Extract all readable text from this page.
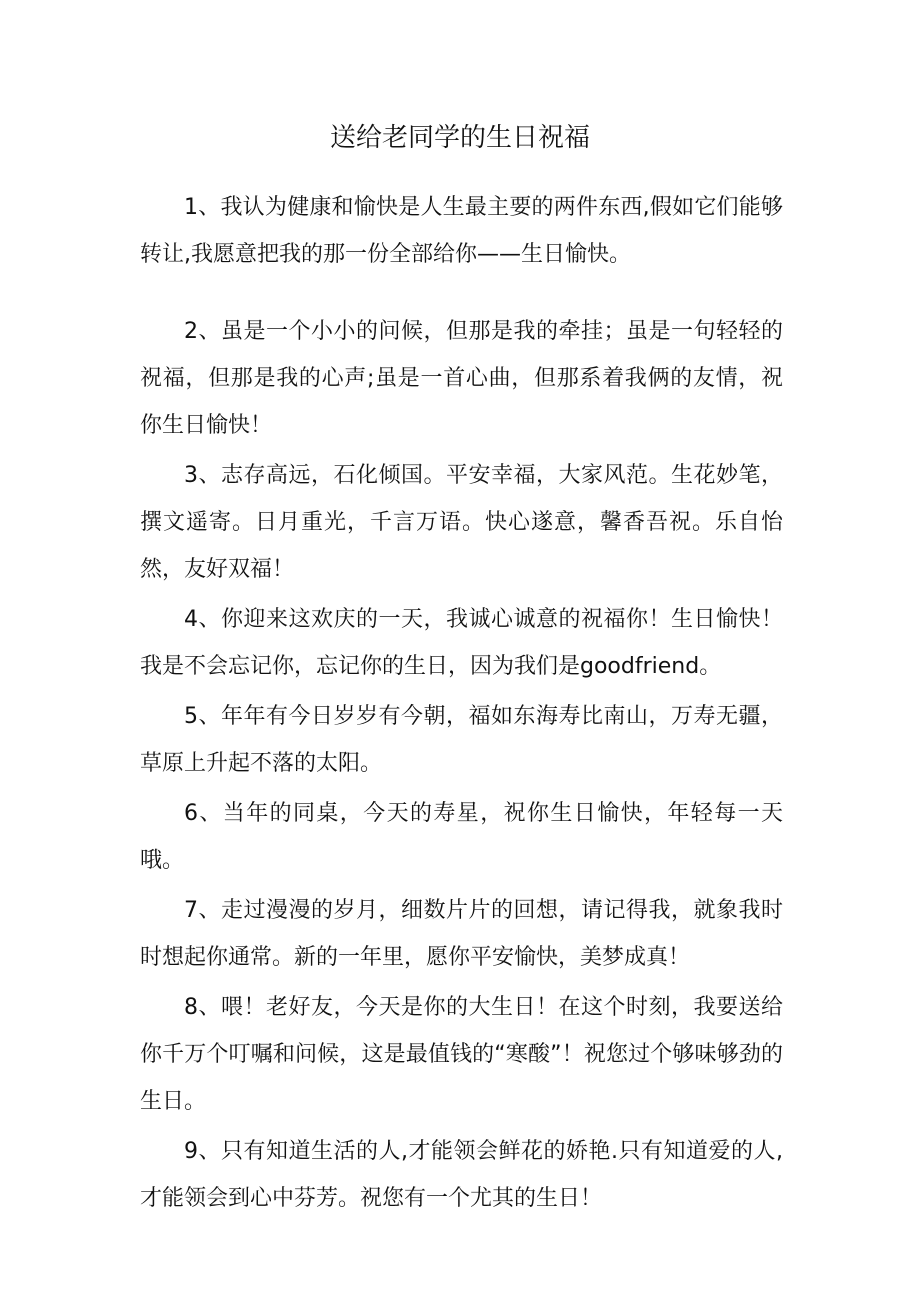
送给老同学的生日祝福

1、我认为健康和愉快是人生最主要的两件东西,假如它们能够转让,我愿意把我的那一份全部给你——生日愉快。

2、虽是一个小小的问候，但那是我的牵挂；虽是一句轻轻的祝福，但那是我的心声;虽是一首心曲，但那系着我俩的友情，祝你生日愉快！

3、志存高远，石化倾国。平安幸福，大家风范。生花妙笔，撰文遥寄。日月重光，千言万语。快心遂意，馨香吾祝。乐自怡然，友好双福！

4、你迎来这欢庆的一天，我诚心诚意的祝福你！生日愉快！我是不会忘记你，忘记你的生日，因为我们是goodfriend。

5、年年有今日岁岁有今朝，福如东海寿比南山，万寿无疆，草原上升起不落的太阳。

6、当年的同桌，今天的寿星，祝你生日愉快，年轻每一天哦。

7、走过漫漫的岁月，细数片片的回想，请记得我，就象我时时想起你通常。新的一年里，愿你平安愉快，美梦成真！

8、喂！老好友，今天是你的大生日！在这个时刻，我要送给你千万个叮嘱和问候，这是最值钱的“寒酸”！祝您过个够味够劲的生日。

9、只有知道生活的人,才能领会鲜花的娇艳.只有知道爱的人,才能领会到心中芬芳。祝您有一个尤其的生日！
